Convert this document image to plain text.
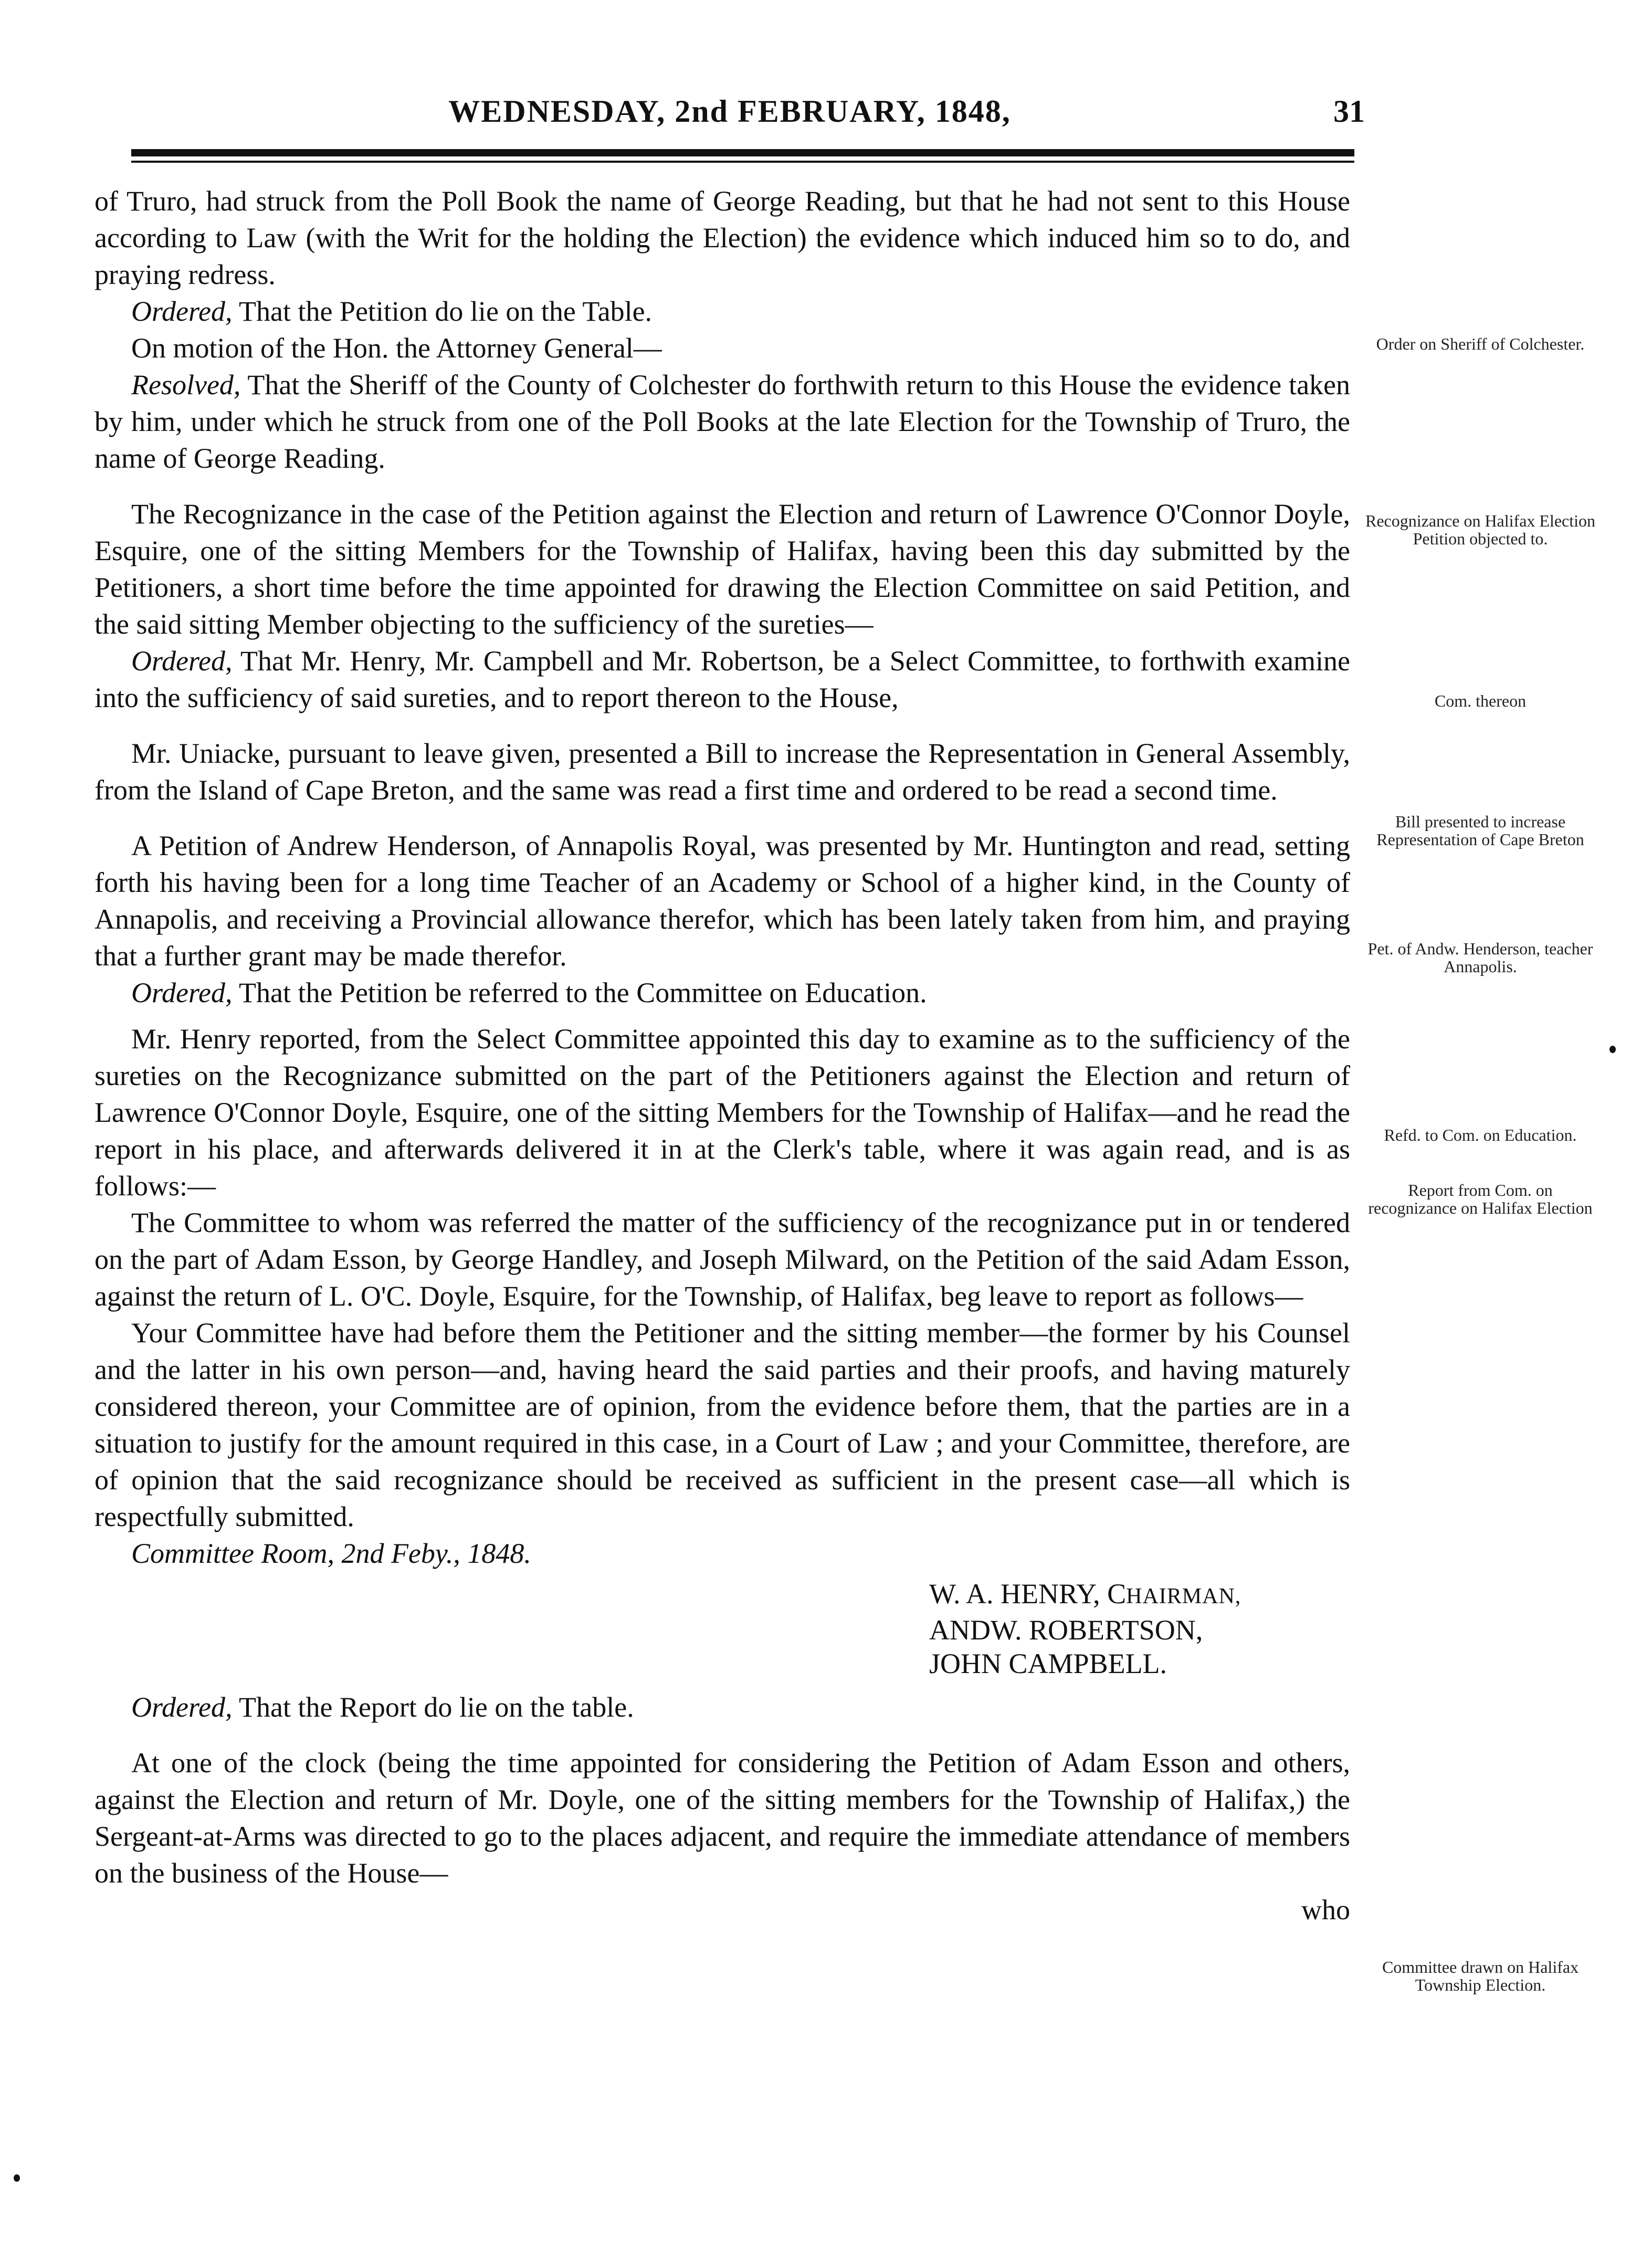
WEDNESDAY, 2nd FEBRUARY, 1848,	31

of Truro, had struck from the Poll Book the name of George Reading, but that he had not sent to this House according to Law (with the Writ for the holding the Election) the evidence which induced him so to do, and praying redress.

Ordered, That the Petition do lie on the Table.

On motion of the Hon. the Attorney General—

Resolved, That the Sheriff of the County of Colchester do forthwith return to this House the evidence taken by him, under which he struck from one of the Poll Books at the late Election for the Township of Truro, the name of George Reading.

The Recognizance in the case of the Petition against the Election and return of Lawrence O'Connor Doyle, Esquire, one of the sitting Members for the Township of Halifax, having been this day submitted by the Petitioners, a short time before the time appointed for drawing the Election Committee on said Petition, and the said sitting Member objecting to the sufficiency of the sureties—

Ordered, That Mr. Henry, Mr. Campbell and Mr. Robertson, be a Select Committee, to forthwith examine into the sufficiency of said sureties, and to report thereon to the House,

Mr. Uniacke, pursuant to leave given, presented a Bill to increase the Representation in General Assembly, from the Island of Cape Breton, and the same was read a first time and ordered to be read a second time.

A Petition of Andrew Henderson, of Annapolis Royal, was presented by Mr. Huntington and read, setting forth his having been for a long time Teacher of an Academy or School of a higher kind, in the County of Annapolis, and receiving a Provincial allowance therefor, which has been lately taken from him, and praying that a further grant may be made therefor.

Ordered, That the Petition be referred to the Committee on Education.

Mr. Henry reported, from the Select Committee appointed this day to examine as to the sufficiency of the sureties on the Recognizance submitted on the part of the Petitioners against the Election and return of Lawrence O'Connor Doyle, Esquire, one of the sitting Members for the Township of Halifax—and he read the report in his place, and afterwards delivered it in at the Clerk's table, where it was again read, and is as follows:—

The Committee to whom was referred the matter of the sufficiency of the recognizance put in or tendered on the part of Adam Esson, by George Handley, and Joseph Milward, on the Petition of the said Adam Esson, against the return of L. O'C. Doyle, Esquire, for the Township, of Halifax, beg leave to report as follows—

Your Committee have had before them the Petitioner and the sitting member—the former by his Counsel and the latter in his own person—and, having heard the said parties and their proofs, and having maturely considered thereon, your Committee are of opinion, from the evidence before them, that the parties are in a situation to justify for the amount required in this case, in a Court of Law ; and your Committee, therefore, are of opinion that the said recognizance should be received as sufficient in the present case—all which is respectfully submitted.

Committee Room, 2nd Feby., 1848.

W. A. HENRY, CHAIRMAN,
ANDW. ROBERTSON,
JOHN CAMPBELL.

Ordered, That the Report do lie on the table.

At one of the clock (being the time appointed for considering the Petition of Adam Esson and others, against the Election and return of Mr. Doyle, one of the sitting members for the Township of Halifax,) the Sergeant-at-Arms was directed to go to the places adjacent, and require the immediate attendance of members on the business of the House—

who

Order on Sheriff of Colchester.
Recognizance on Halifax Election Petition objected to.
Com. thereon
Bill presented to increase Representation of Cape Breton
Pet. of Andw. Henderson, teacher Annapolis.
Refd. to Com. on Education.
Report from Com. on recognizance on Halifax Election
Committee drawn on Halifax Township Election.
